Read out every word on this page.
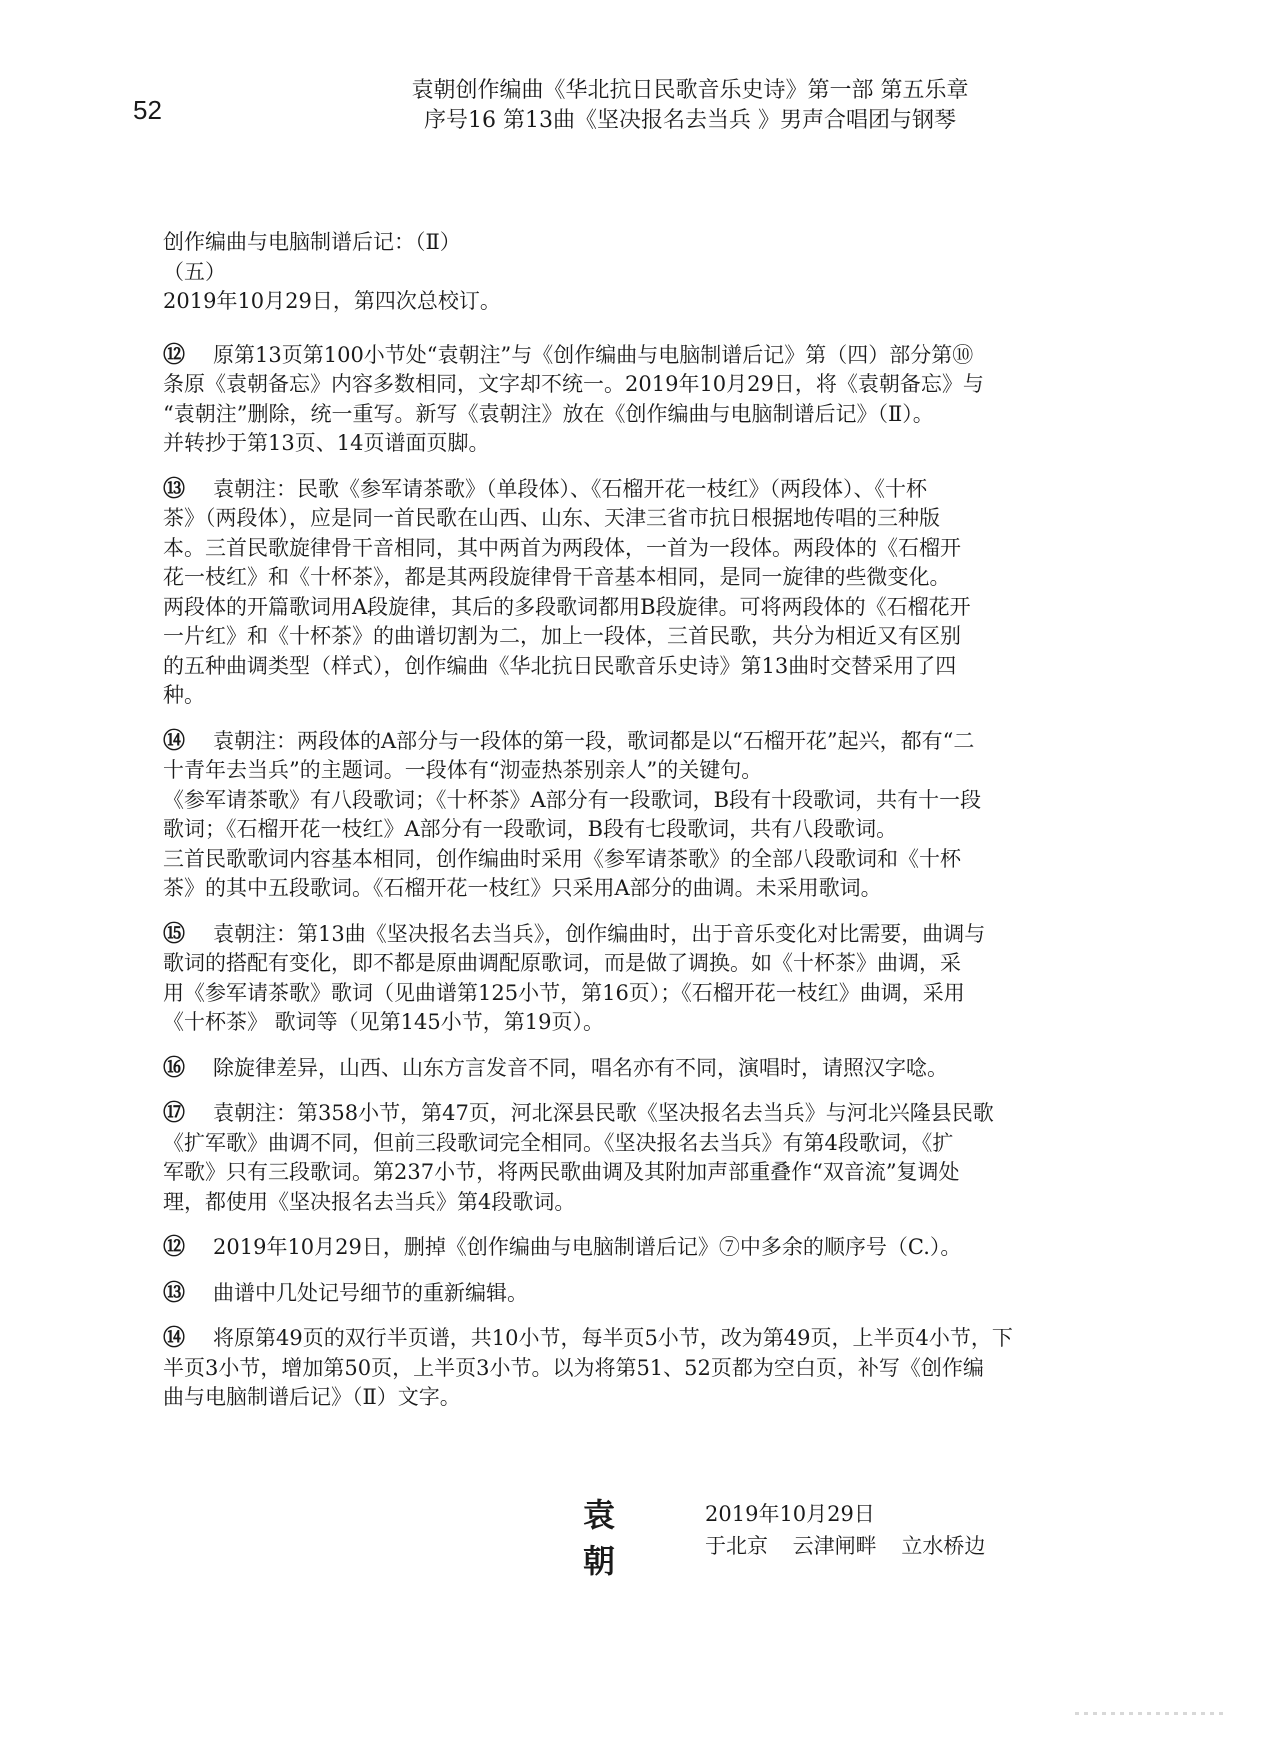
52
袁朝创作编曲《华北抗日民歌音乐史诗》第一部 第五乐章
序号16 第13曲《坚决报名去当兵 》男声合唱团与钢琴
创作编曲与电脑制谱后记：（Ⅱ）
（五）
2019年10月29日，第四次总校订。
⑫ 原第13页第100小节处“袁朝注”与《创作编曲与电脑制谱后记》第（四）部分第⑩
条原《袁朝备忘》内容多数相同，文字却不统一。2019年10月29日，将《袁朝备忘》与
“袁朝注”删除，统一重写。新写《袁朝注》放在《创作编曲与电脑制谱后记》（Ⅱ）。
并转抄于第13页、14页谱面页脚。
⑬ 袁朝注：民歌《参军请茶歌》（单段体）、《石榴开花一枝红》（两段体）、《十杯
茶》（两段体），应是同一首民歌在山西、山东、天津三省市抗日根据地传唱的三种版
本。三首民歌旋律骨干音相同，其中两首为两段体，一首为一段体。两段体的《石榴开
花一枝红》和《十杯茶》，都是其两段旋律骨干音基本相同，是同一旋律的些微变化。
两段体的开篇歌词用A段旋律，其后的多段歌词都用B段旋律。可将两段体的《石榴花开
一片红》和《十杯茶》的曲谱切割为二，加上一段体，三首民歌，共分为相近又有区别
的五种曲调类型（样式），创作编曲《华北抗日民歌音乐史诗》第13曲时交替采用了四
种。
⑭ 袁朝注：两段体的A部分与一段体的第一段，歌词都是以“石榴开花”起兴，都有“二
十青年去当兵”的主题词。一段体有“沏壶热茶别亲人”的关键句。
《参军请茶歌》有八段歌词；《十杯茶》A部分有一段歌词，B段有十段歌词，共有十一段
歌词；《石榴开花一枝红》A部分有一段歌词，B段有七段歌词，共有八段歌词。
三首民歌歌词内容基本相同，创作编曲时采用《参军请茶歌》的全部八段歌词和《十杯
茶》的其中五段歌词。《石榴开花一枝红》只采用A部分的曲调。未采用歌词。
⑮ 袁朝注：第13曲《坚决报名去当兵》，创作编曲时，出于音乐变化对比需要，曲调与
歌词的搭配有变化，即不都是原曲调配原歌词，而是做了调换。如《十杯茶》曲调，采
用《参军请茶歌》歌词（见曲谱第125小节，第16页）；《石榴开花一枝红》曲调，采用
《十杯茶》 歌词等（见第145小节，第19页）。
⑯ 除旋律差异，山西、山东方言发音不同，唱名亦有不同，演唱时，请照汉字唸。
⑰ 袁朝注：第358小节，第47页，河北深县民歌《坚决报名去当兵》与河北兴隆县民歌
《扩军歌》曲调不同，但前三段歌词完全相同。《坚决报名去当兵》有第4段歌词，《扩
军歌》只有三段歌词。第237小节，将两民歌曲调及其附加声部重叠作“双音流”复调处
理，都使用《坚决报名去当兵》第4段歌词。
⑫ 2019年10月29日，删掉《创作编曲与电脑制谱后记》⑦中多余的顺序号（C.）。
⑬ 曲谱中几处记号细节的重新编辑。
⑭ 将原第49页的双行半页谱，共10小节，每半页5小节，改为第49页，上半页4小节，下
半页3小节，增加第50页，上半页3小节。以为将第51、52页都为空白页，补写《创作编
曲与电脑制谱后记》（Ⅱ）文字。
袁朝
2019年10月29日
于北京 云津闸畔 立水桥边
